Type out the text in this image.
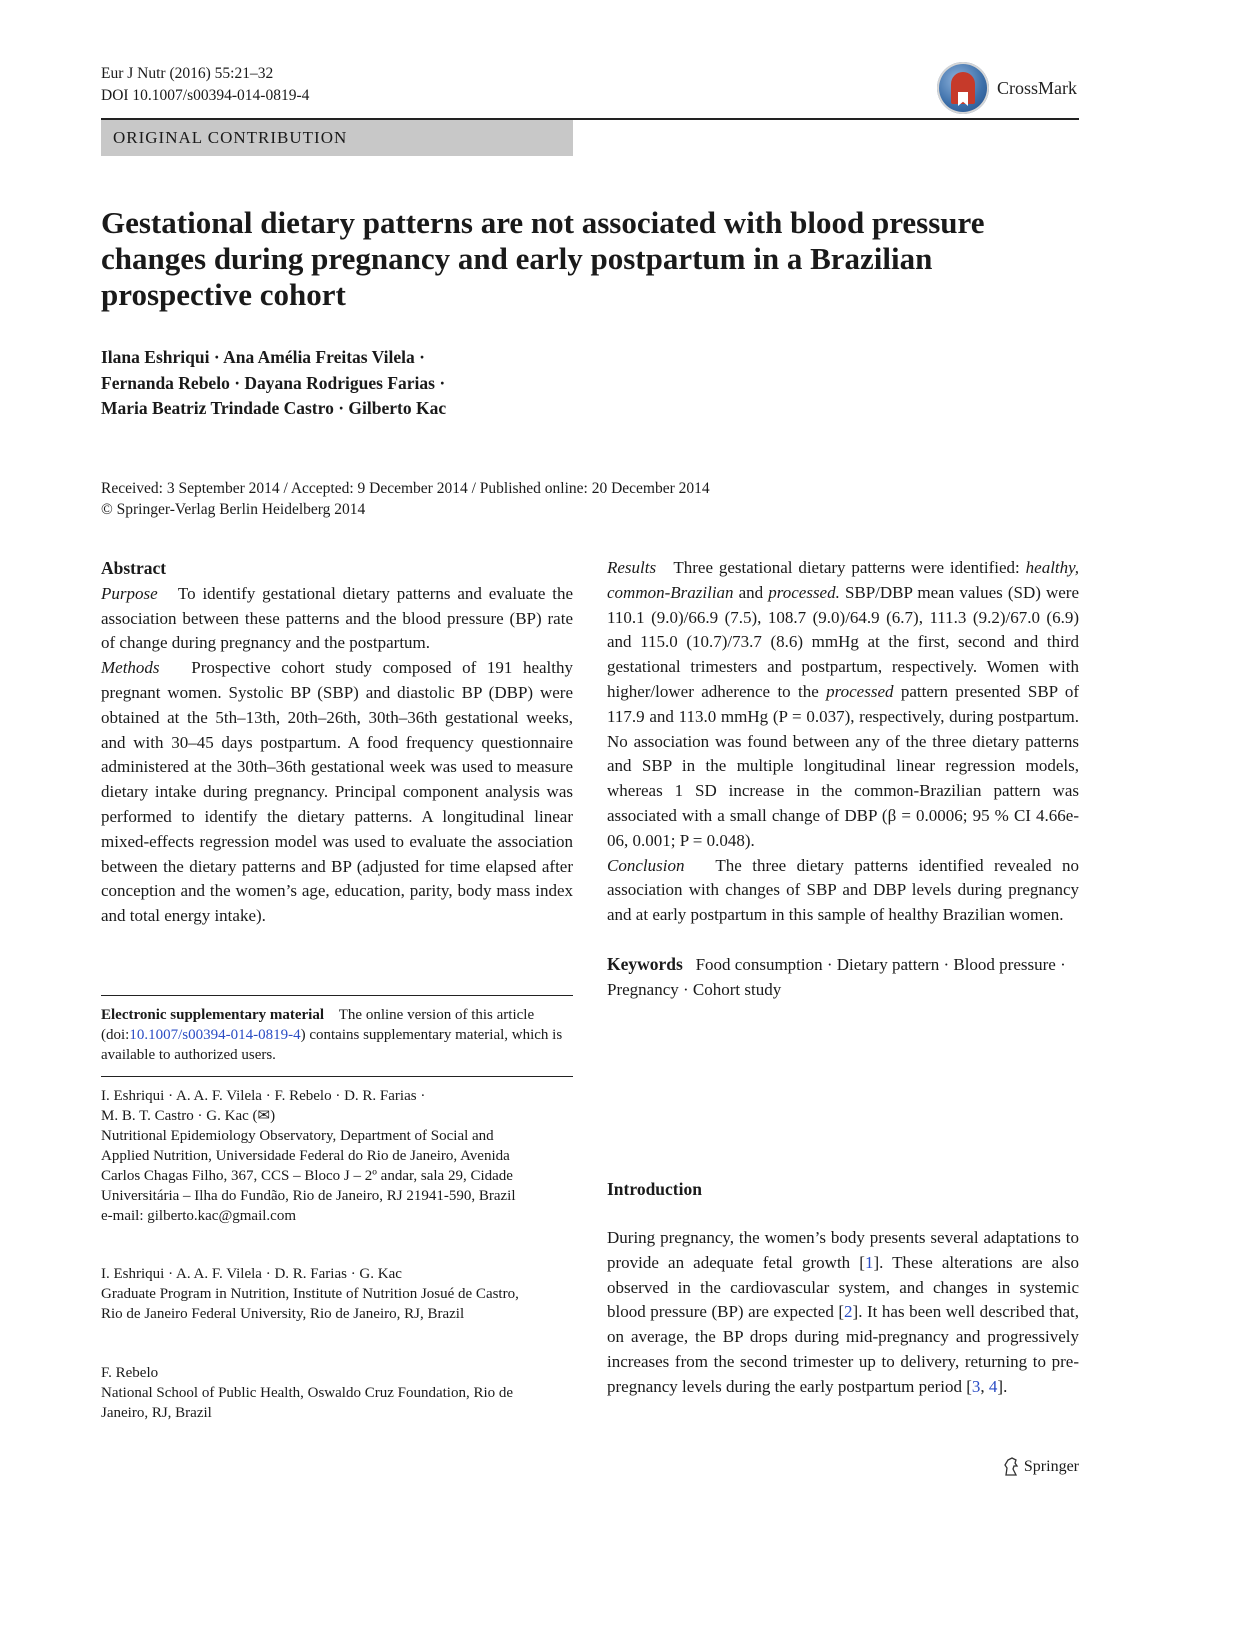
Eur J Nutr (2016) 55:21–32
DOI 10.1007/s00394-014-0819-4	CrossMark
ORIGINAL CONTRIBUTION
Gestational dietary patterns are not associated with blood pressure changes during pregnancy and early postpartum in a Brazilian prospective cohort
Ilana Eshriqui · Ana Amélia Freitas Vilela ·
Fernanda Rebelo · Dayana Rodrigues Farias ·
Maria Beatriz Trindade Castro · Gilberto Kac
Received: 3 September 2014 / Accepted: 9 December 2014 / Published online: 20 December 2014
© Springer-Verlag Berlin Heidelberg 2014

Abstract

Purpose To identify gestational dietary patterns and evaluate the association between these patterns and the blood pressure (BP) rate of change during pregnancy and the postpartum.

Methods Prospective cohort study composed of 191 healthy pregnant women. Systolic BP (SBP) and diastolic BP (DBP) were obtained at the 5th–13th, 20th–26th, 30th–36th gestational weeks, and with 30–45 days postpartum. A food frequency questionnaire administered at the 30th–36th gestational week was used to measure dietary intake during pregnancy. Principal component analysis was performed to identify the dietary patterns. A longitudinal linear mixed-effects regression model was used to evaluate the association between the dietary patterns and BP (adjusted for time elapsed after conception and the women’s age, education, parity, body mass index and total energy intake).

Electronic supplementary material The online version of this article (doi:10.1007/s00394-014-0819-4) contains supplementary material, which is available to authorized users.
I. Eshriqui · A. A. F. Vilela · F. Rebelo · D. R. Farias ·
M. B. T. Castro · G. Kac (✉)
Nutritional Epidemiology Observatory, Department of Social and Applied Nutrition, Universidade Federal do Rio de Janeiro, Avenida Carlos Chagas Filho, 367, CCS – Bloco J – 2º andar, sala 29, Cidade Universitária – Ilha do Fundão, Rio de Janeiro, RJ 21941-590, Brazil
e-mail: gilberto.kac@gmail.com
I. Eshriqui · A. A. F. Vilela · D. R. Farias · G. Kac
Graduate Program in Nutrition, Institute of Nutrition Josué de Castro, Rio de Janeiro Federal University, Rio de Janeiro, RJ, Brazil
F. Rebelo
National School of Public Health, Oswaldo Cruz Foundation, Rio de Janeiro, RJ, Brazil

Results Three gestational dietary patterns were identified: healthy, common-Brazilian and processed. SBP/DBP mean values (SD) were 110.1 (9.0)/66.9 (7.5), 108.7 (9.0)/64.9 (6.7), 111.3 (9.2)/67.0 (6.9) and 115.0 (10.7)/73.7 (8.6) mmHg at the first, second and third gestational trimesters and postpartum, respectively. Women with higher/lower adherence to the processed pattern presented SBP of 117.9 and 113.0 mmHg (P = 0.037), respectively, during postpartum. No association was found between any of the three dietary patterns and SBP in the multiple longitudinal linear regression models, whereas 1 SD increase in the common-Brazilian pattern was associated with a small change of DBP (β = 0.0006; 95 % CI 4.66e-06, 0.001; P = 0.048).

Conclusion The three dietary patterns identified revealed no association with changes of SBP and DBP levels during pregnancy and at early postpartum in this sample of healthy Brazilian women.

Keywords Food consumption · Dietary pattern · Blood pressure · Pregnancy · Cohort study

Introduction

During pregnancy, the women’s body presents several adaptations to provide an adequate fetal growth [1]. These alterations are also observed in the cardiovascular system, and changes in systemic blood pressure (BP) are expected [2]. It has been well described that, on average, the BP drops during mid-pregnancy and progressively increases from the second trimester up to delivery, returning to pre-pregnancy levels during the early postpartum period [3, 4].

Springer
